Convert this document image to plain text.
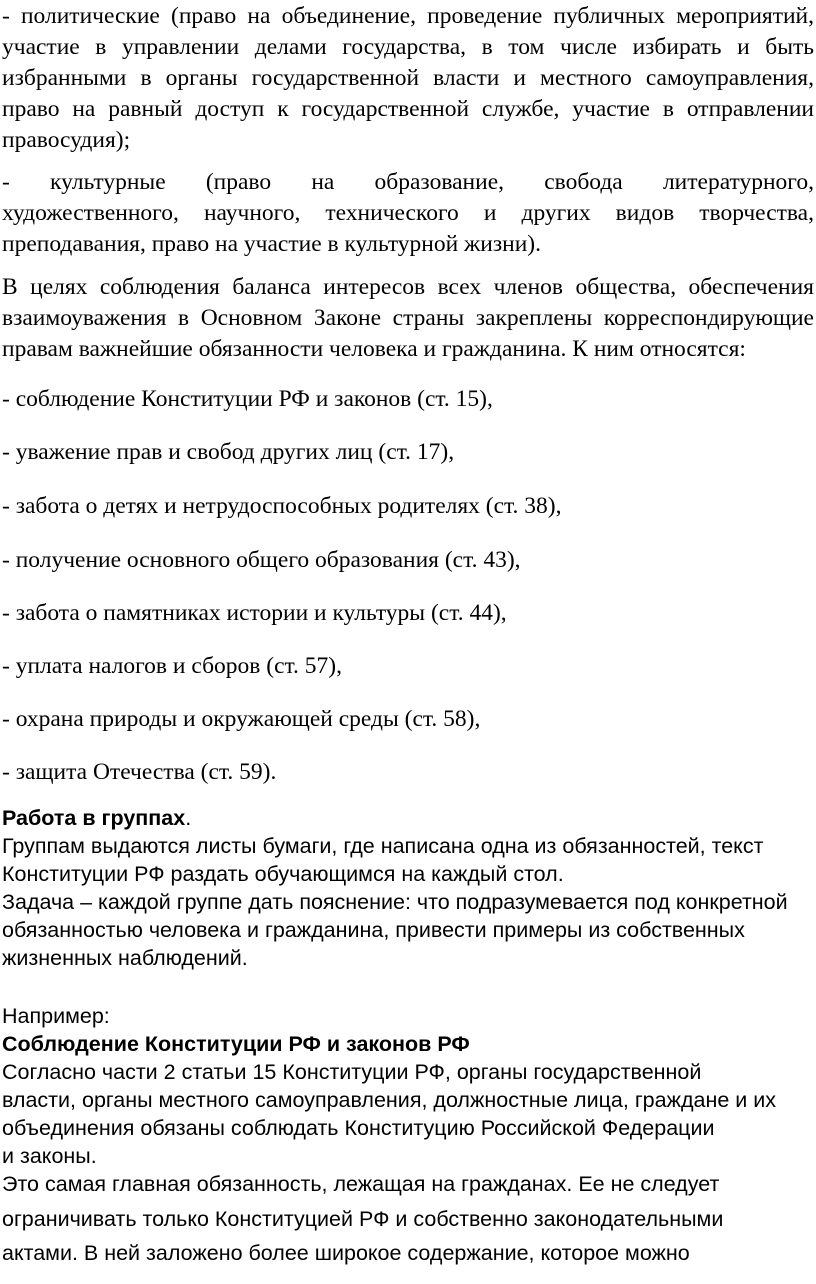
- политические (право на объединение, проведение публичных мероприятий,
участие в управлении делами государства, в том числе избирать и быть
избранными в органы государственной власти и местного самоуправления,
право на равный доступ к государственной службе, участие в отправлении
правосудия);
- культурные (право на образование, свобода литературного,
художественного, научного, технического и других видов творчества,
преподавания, право на участие в культурной жизни).
В целях соблюдения баланса интересов всех членов общества, обеспечения
взаимоуважения в Основном Законе страны закреплены корреспондирующие
правам важнейшие обязанности человека и гражданина. К ним относятся:
- соблюдение Конституции РФ и законов (ст. 15),
- уважение прав и свобод других лиц (ст. 17),
- забота о детях и нетрудоспособных родителях (ст. 38),
- получение основного общего образования (ст. 43),
- забота о памятниках истории и культуры (ст. 44),
- уплата налогов и сборов (ст. 57),
- охрана природы и окружающей среды (ст. 58),
- защита Отечества (ст. 59).
Работа в группах.
Группам выдаются листы бумаги, где написана одна из обязанностей, текст
Конституции РФ раздать обучающимся на каждый стол.
Задача – каждой группе дать пояснение: что подразумевается под конкретной
обязанностью человека и гражданина, привести примеры из собственных
жизненных наблюдений.
Например:
Соблюдение Конституции РФ и законов РФ
Согласно части 2 статьи 15 Конституции РФ, органы государственной
власти, органы местного самоуправления, должностные лица, граждане и их
объединения обязаны соблюдать Конституцию Российской Федерации
и законы.
Это самая главная обязанность, лежащая на гражданах. Ее не следует
ограничивать только Конституцией РФ и собственно законодательными
актами. В ней заложено более широкое содержание, которое можно
